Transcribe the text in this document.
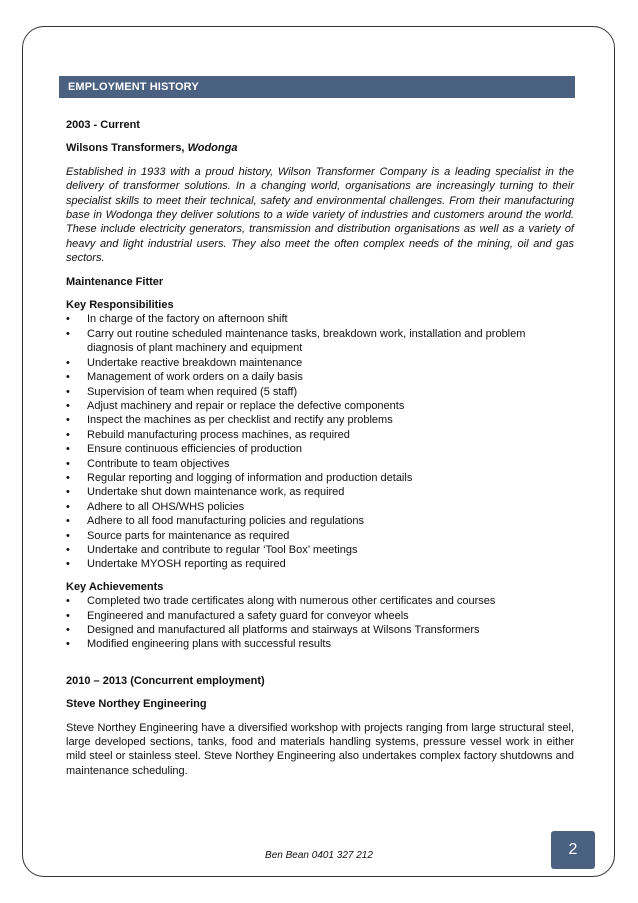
EMPLOYMENT HISTORY

2003 - Current

Wilsons Transformers, Wodonga

Established in 1933 with a proud history, Wilson Transformer Company is a leading specialist in the delivery of transformer solutions. In a changing world, organisations are increasingly turning to their specialist skills to meet their technical, safety and environmental challenges. From their manufacturing base in Wodonga they deliver solutions to a wide variety of industries and customers around the world. These include electricity generators, transmission and distribution organisations as well as a variety of heavy and light industrial users. They also meet the often complex needs of the mining, oil and gas sectors.

Maintenance Fitter

Key Responsibilities

• In charge of the factory on afternoon shift
• Carry out routine scheduled maintenance tasks, breakdown work, installation and problem diagnosis of plant machinery and equipment
• Undertake reactive breakdown maintenance
• Management of work orders on a daily basis
• Supervision of team when required (5 staff)
• Adjust machinery and repair or replace the defective components
• Inspect the machines as per checklist and rectify any problems
• Rebuild manufacturing process machines, as required
• Ensure continuous efficiencies of production
• Contribute to team objectives
• Regular reporting and logging of information and production details
• Undertake shut down maintenance work, as required
• Adhere to all OHS/WHS policies
• Adhere to all food manufacturing policies and regulations
• Source parts for maintenance as required
• Undertake and contribute to regular ‘Tool Box’ meetings
• Undertake MYOSH reporting as required

Key Achievements

• Completed two trade certificates along with numerous other certificates and courses
• Engineered and manufactured a safety guard for conveyor wheels
• Designed and manufactured all platforms and stairways at Wilsons Transformers
• Modified engineering plans with successful results

2010 – 2013 (Concurrent employment)

Steve Northey Engineering

Steve Northey Engineering have a diversified workshop with projects ranging from large structural steel, large developed sections, tanks, food and materials handling systems, pressure vessel work in either mild steel or stainless steel. Steve Northey Engineering also undertakes complex factory shutdowns and maintenance scheduling.

Ben Bean 0401 327 212	2
